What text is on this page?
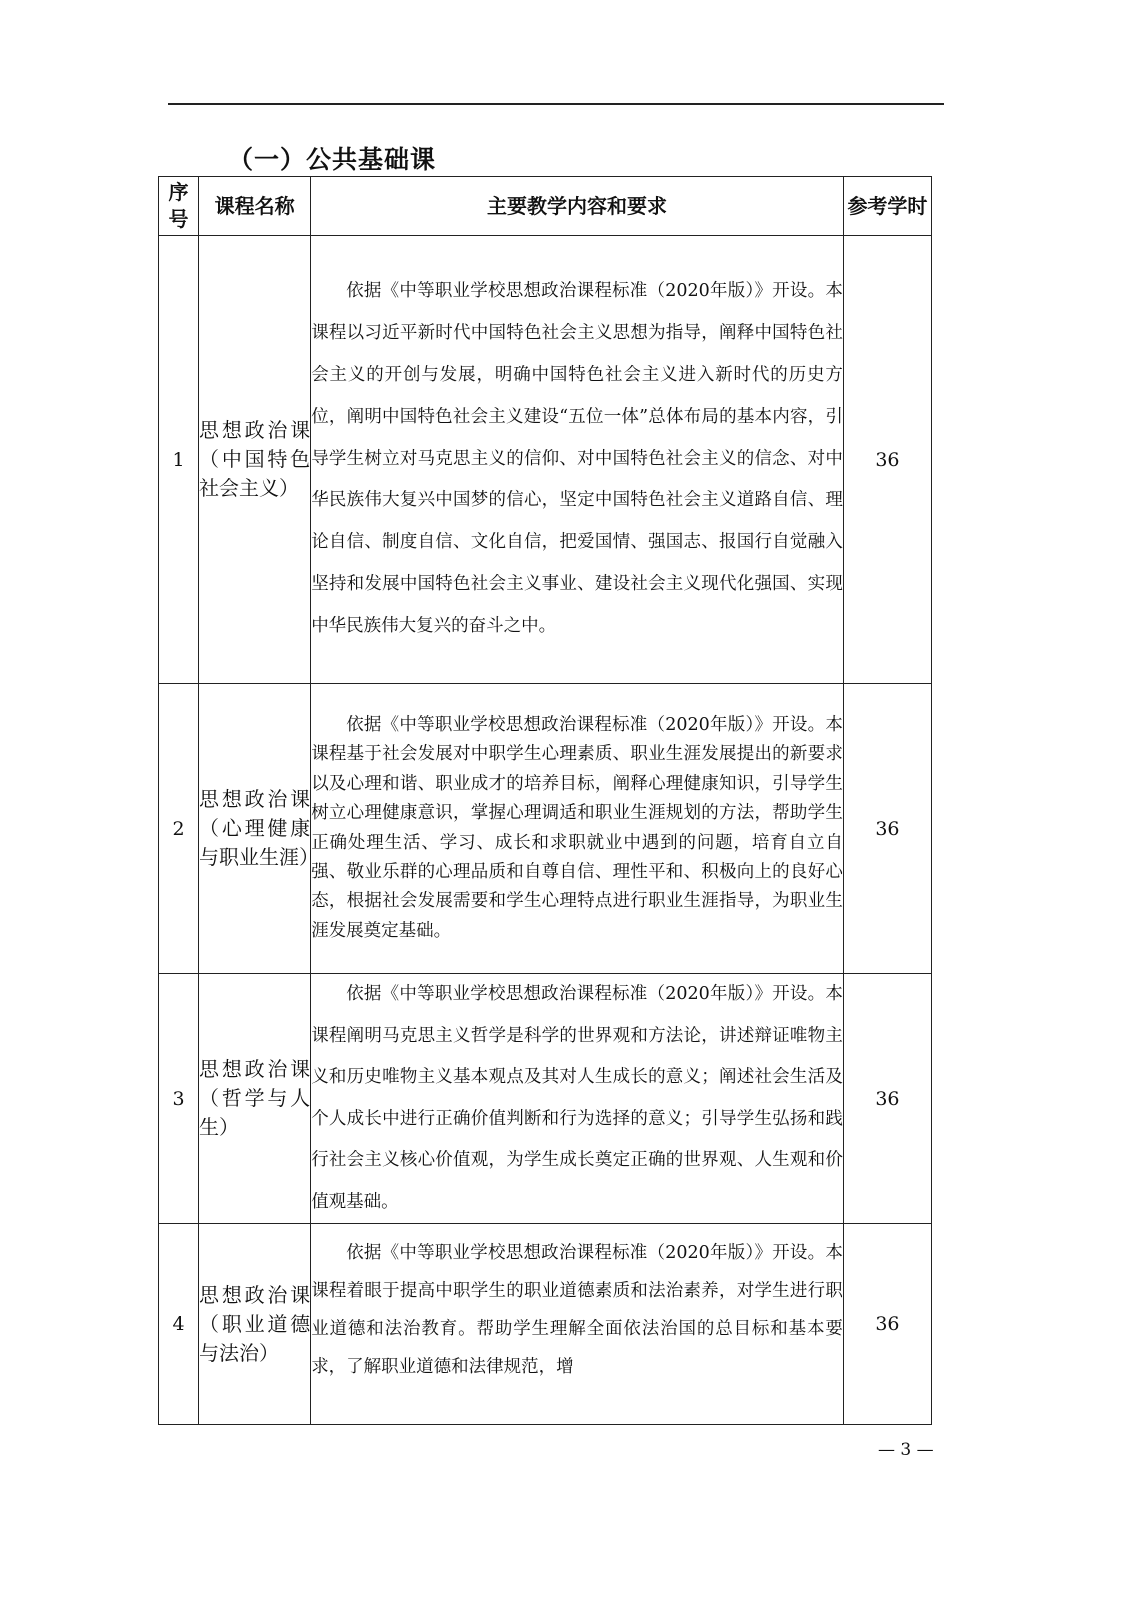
（一）公共基础课
序号	课程名称	主要教学内容和要求	参考学时
1	思想政治课（中国特色社会主义）	依据《中等职业学校思想政治课程标准（2020年版）》开设。本课程以习近平新时代中国特色社会主义思想为指导，阐释中国特色社会主义的开创与发展，明确中国特色社会主义进入新时代的历史方位，阐明中国特色社会主义建设“五位一体”总体布局的基本内容，引导学生树立对马克思主义的信仰、对中国特色社会主义的信念、对中华民族伟大复兴中国梦的信心，坚定中国特色社会主义道路自信、理论自信、制度自信、文化自信，把爱国情、强国志、报国行自觉融入坚持和发展中国特色社会主义事业、建设社会主义现代化强国、实现中华民族伟大复兴的奋斗之中。	36
2	思想政治课（心理健康与职业生涯）	依据《中等职业学校思想政治课程标准（2020年版）》开设。本课程基于社会发展对中职学生心理素质、职业生涯发展提出的新要求以及心理和谐、职业成才的培养目标，阐释心理健康知识，引导学生树立心理健康意识，掌握心理调适和职业生涯规划的方法，帮助学生正确处理生活、学习、成长和求职就业中遇到的问题，培育自立自强、敬业乐群的心理品质和自尊自信、理性平和、积极向上的良好心态，根据社会发展需要和学生心理特点进行职业生涯指导，为职业生涯发展奠定基础。	36
3	思想政治课（哲学与人生）	依据《中等职业学校思想政治课程标准（2020年版）》开设。本课程阐明马克思主义哲学是科学的世界观和方法论，讲述辩证唯物主义和历史唯物主义基本观点及其对人生成长的意义；阐述社会生活及个人成长中进行正确价值判断和行为选择的意义；引导学生弘扬和践行社会主义核心价值观，为学生成长奠定正确的世界观、人生观和价值观基础。	36
4	思想政治课（职业道德与法治）	依据《中等职业学校思想政治课程标准（2020年版）》开设。本课程着眼于提高中职学生的职业道德素质和法治素养，对学生进行职业道德和法治教育。帮助学生理解全面依法治国的总目标和基本要求，了解职业道德和法律规范，增	36
— 3 —
